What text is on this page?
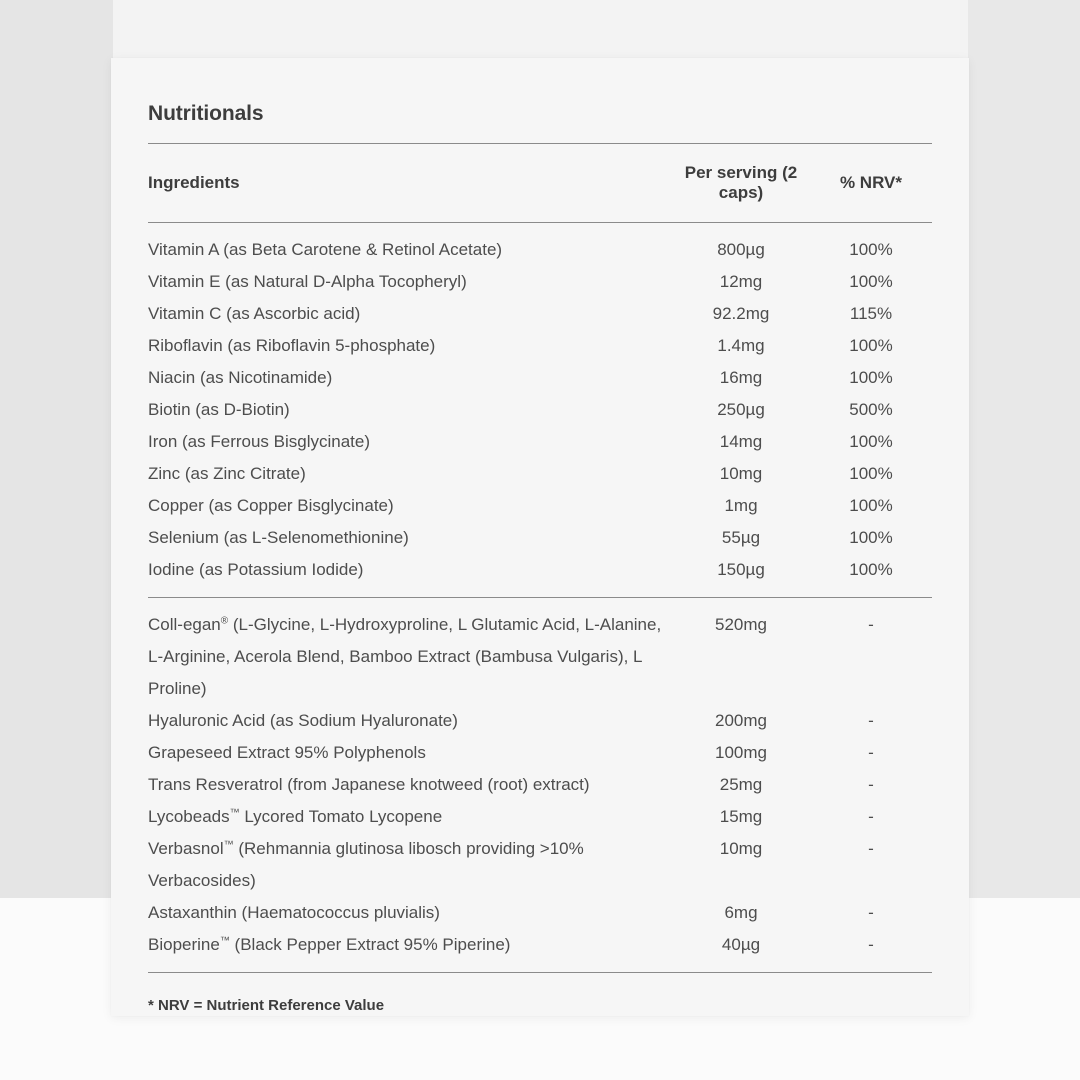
Nutritionals
Ingredients	Per serving (2 caps)	% NRV*
Vitamin A (as Beta Carotene & Retinol Acetate)	800µg	100%
Vitamin E (as Natural D-Alpha Tocopheryl)	12mg	100%
Vitamin C (as Ascorbic acid)	92.2mg	115%
Riboflavin (as Riboflavin 5-phosphate)	1.4mg	100%
Niacin (as Nicotinamide)	16mg	100%
Biotin (as D-Biotin)	250µg	500%
Iron (as Ferrous Bisglycinate)	14mg	100%
Zinc (as Zinc Citrate)	10mg	100%
Copper (as Copper Bisglycinate)	1mg	100%
Selenium (as L-Selenomethionine)	55µg	100%
Iodine (as Potassium Iodide)	150µg	100%
Coll-egan® (L-Glycine, L-Hydroxyproline, L Glutamic Acid, L-Alanine, L-Arginine, Acerola Blend, Bamboo Extract (Bambusa Vulgaris), L Proline)	520mg	-
Hyaluronic Acid (as Sodium Hyaluronate)	200mg	-
Grapeseed Extract 95% Polyphenols	100mg	-
Trans Resveratrol (from Japanese knotweed (root) extract)	25mg	-
Lycobeads™ Lycored Tomato Lycopene	15mg	-
Verbasnol™ (Rehmannia glutinosa libosch providing >10% Verbacosides)	10mg	-
Astaxanthin (Haematococcus pluvialis)	6mg	-
Bioperine™ (Black Pepper Extract 95% Piperine)	40µg	-
* NRV = Nutrient Reference Value
